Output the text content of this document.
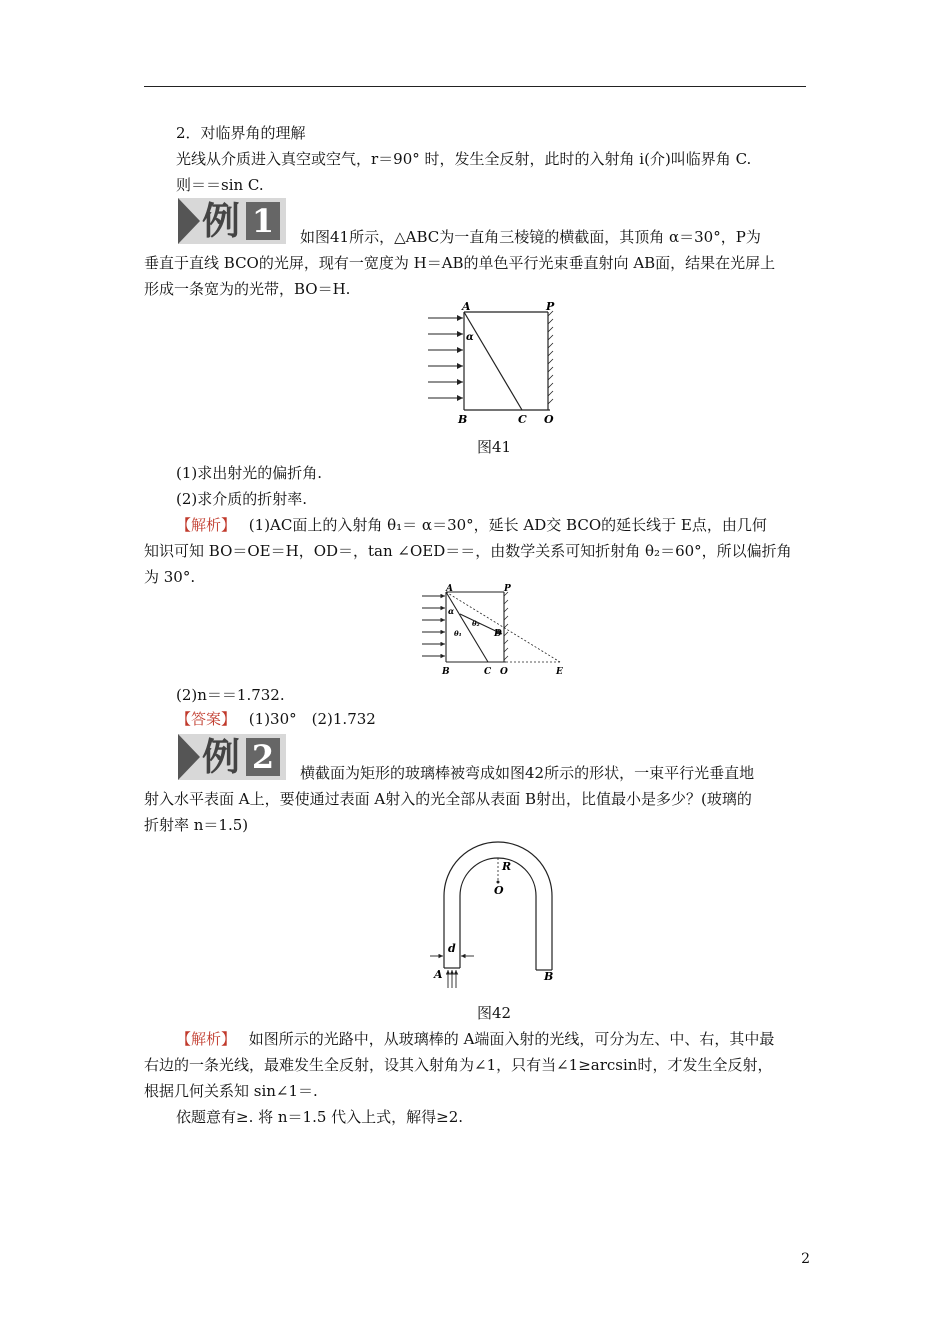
2．对临界角的理解
光线从介质进入真空或空气，r＝90° 时，发生全反射，此时的入射角 i(介)叫临界角 C.
则＝＝sin C.
例 1	如图41所示，△ABC为一直角三棱镜的横截面，其顶角 α＝30°，P为
垂直于直线 BCO的光屏，现有一宽度为 H＝AB的单色平行光束垂直射向 AB面，结果在光屏上
形成一条宽为的光带，BO＝H.
A
B	C O
P
α
图41
(1)求出射光的偏折角.
(2)求介质的折射率.
【解析】 (1)AC面上的入射角 θ₁＝ α＝30°，延长 AD交 BCO的延长线于 E点，由几何
知识可知 BO＝OE＝H，OD＝，tan ∠OED＝＝，由数学关系可知折射角 θ₂＝60°，所以偏折角
为 30°.
A
B	C O
P
D
E
α
θ₁
θ₂
(2)n＝＝1.732.
【答案】 (1)30°　(2)1.732
例 2	横截面为矩形的玻璃棒被弯成如图42所示的形状，一束平行光垂直地
射入水平表面 A上，要使通过表面 A射入的光全部从表面 B射出，比值最小是多少？(玻璃的
折射率 n＝1.5)
R
O
d
A	B
图42
【解析】 如图所示的光路中，从玻璃棒的 A端面入射的光线，可分为左、中、右，其中最
右边的一条光线，最难发生全反射，设其入射角为∠1，只有当∠1≥arcsin时，才发生全反射，
根据几何关系知 sin∠1＝.
依题意有≥. 将 n＝1.5 代入上式，解得≥2.
2
